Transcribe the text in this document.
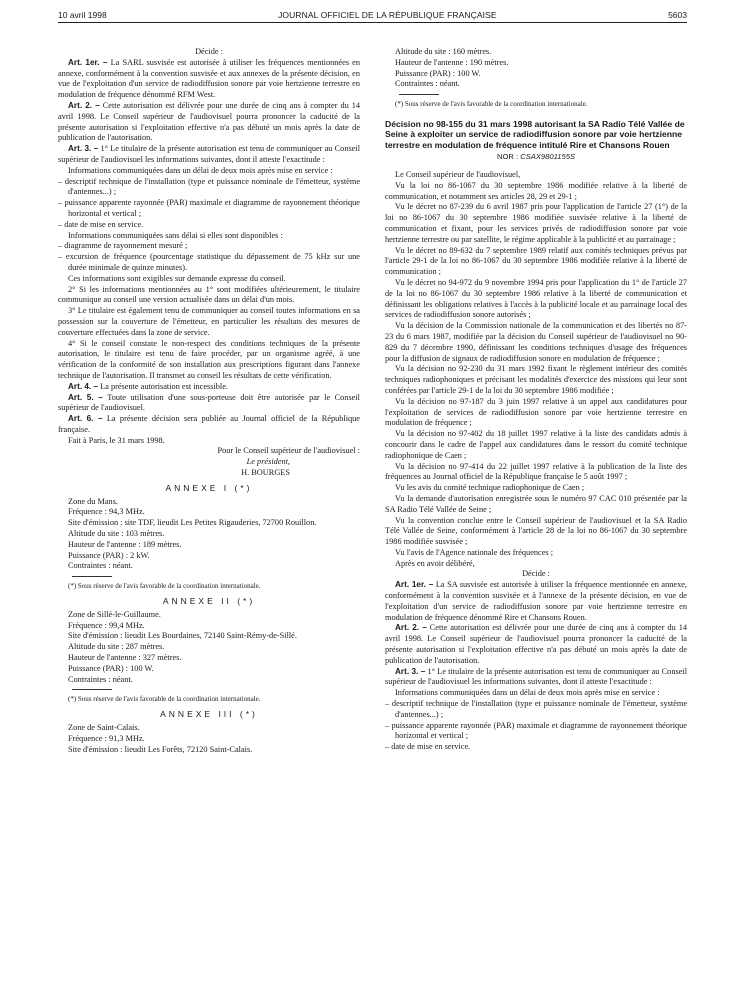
10 avril 1998	JOURNAL OFFICIEL DE LA RÉPUBLIQUE FRANÇAISE	5603

Décide :

Art. 1er. – La SARL susvisée est autorisée à utiliser les fréquences mentionnées en annexe, conformément à la convention susvisée et aux annexes de la présente décision, en vue de l'exploitation d'un service de radiodiffusion sonore par voie hertzienne terrestre en modulation de fréquence dénommé RFM West.

Art. 2. – Cette autorisation est délivrée pour une durée de cinq ans à compter du 14 avril 1998. Le Conseil supérieur de l'audiovisuel pourra prononcer la caducité de la présente autorisation si l'exploitation effective n'a pas débuté un mois après la date de publication de l'autorisation.

Art. 3. – 1° Le titulaire de la présente autorisation est tenu de communiquer au Conseil supérieur de l'audiovisuel les informations suivantes, dont il atteste l'exactitude :

Informations communiquées dans un délai de deux mois après mise en service :

– descriptif technique de l'installation (type et puissance nominale de l'émetteur, système d'antennes...) ;

– puissance apparente rayonnée (PAR) maximale et diagramme de rayonnement théorique horizontal et vertical ;

– date de mise en service.

Informations communiquées sans délai si elles sont disponibles :

– diagramme de rayonnement mesuré ;

– excursion de fréquence (pourcentage statistique du dépassement de 75 kHz sur une durée minimale de quinze minutes).

Ces informations sont exigibles sur demande expresse du conseil.

2° Si les informations mentionnées au 1° sont modifiées ultérieurement, le titulaire communique au conseil une version actualisée dans un délai d'un mois.

3° Le titulaire est également tenu de communiquer au conseil toutes informations en sa possession sur la couverture de l'émetteur, en particulier les résultats des mesures de couverture effectuées dans la zone de service.

4° Si le conseil constate le non-respect des conditions techniques de la présente autorisation, le titulaire est tenu de faire procéder, par un organisme agréé, à une vérification de la conformité de son installation aux prescriptions figurant dans l'annexe technique de l'autorisation. Il transmet au conseil les résultats de cette vérification.

Art. 4. – La présente autorisation est incessible.

Art. 5. – Toute utilisation d'une sous-porteuse doit être autorisée par le Conseil supérieur de l'audiovisuel.

Art. 6. – La présente décision sera publiée au Journal officiel de la République française.

Fait à Paris, le 31 mars 1998.

Pour le Conseil supérieur de l'audiovisuel :

Le président,

H. BOURGES

ANNEXE I (*)

Zone du Mans.

Fréquence : 94,3 MHz.

Site d'émission : site TDF, lieudit Les Petites Rigauderies, 72700 Rouillon.

Altitude du site : 103 mètres.

Hauteur de l'antenne : 189 mètres.

Puissance (PAR) : 2 kW.

Contraintes : néant.

(*) Sous réserve de l'avis favorable de la coordination internationale.

ANNEXE II (*)

Zone de Sillé-le-Guillaume.

Fréquence : 99,4 MHz.

Site d'émission : lieudit Les Bourdaines, 72140 Saint-Rémy-de-Sillé.

Altitude du site : 287 mètres.

Hauteur de l'antenne : 327 mètres.

Puissance (PAR) : 100 W.

Contraintes : néant.

(*) Sous réserve de l'avis favorable de la coordination internationale.

ANNEXE III (*)

Zone de Saint-Calais.

Fréquence : 91,3 MHz.

Site d'émission : lieudit Les Forêts, 72120 Saint-Calais.

Altitude du site : 160 mètres.

Hauteur de l'antenne : 190 mètres.

Puissance (PAR) : 100 W.

Contraintes : néant.

(*) Sous réserve de l'avis favorable de la coordination internationale.

Décision no 98-155 du 31 mars 1998 autorisant la SA Radio Télé Vallée de Seine à exploiter un service de radiodiffusion sonore par voie hertzienne terrestre en modulation de fréquence intitulé Rire et Chansons Rouen

NOR : CSAX9801155S

Le Conseil supérieur de l'audiovisuel,

Vu la loi no 86-1067 du 30 septembre 1986 modifiée relative à la liberté de communication, et notamment ses articles 28, 29 et 29-1 ;

Vu le décret no 87-239 du 6 avril 1987 pris pour l'application de l'article 27 (1°) de la loi no 86-1067 du 30 septembre 1986 modifiée susvisée relative à la liberté de communication et fixant, pour les services privés de radiodiffusion sonore par voie hertzienne terrestre ou par satellite, le régime applicable à la publicité et au parrainage ;

Vu le décret no 89-632 du 7 septembre 1989 relatif aux comités techniques prévus par l'article 29-1 de la loi no 86-1067 du 30 septembre 1986 modifiée relative à la liberté de communication ;

Vu le décret no 94-972 du 9 novembre 1994 pris pour l'application du 1° de l'article 27 de la loi no 86-1067 du 30 septembre 1986 relative à la liberté de communication et définissant les obligations relatives à l'accès à la publicité locale et au parrainage local des services de radiodiffusion sonore autorisés ;

Vu la décision de la Commission nationale de la communication et des libertés no 87-23 du 6 mars 1987, modifiée par la décision du Conseil supérieur de l'audiovisuel no 90-829 du 7 décembre 1990, définissant les conditions techniques d'usage des fréquences pour la diffusion de signaux de radiodiffusion sonore en modulation de fréquence ;

Vu la décision no 92-230 du 31 mars 1992 fixant le règlement intérieur des comités techniques radiophoniques et précisant les modalités d'exercice des missions qui leur sont conférées par l'article 29-1 de la loi du 30 septembre 1986 modifiée ;

Vu la décision no 97-187 du 3 juin 1997 relative à un appel aux candidatures pour l'exploitation de services de radiodiffusion sonore par voie hertzienne terrestre en modulation de fréquence ;

Vu la décision no 97-402 du 18 juillet 1997 relative à la liste des candidats admis à concourir dans le cadre de l'appel aux candidatures dans le ressort du comité technique radiophonique de Caen ;

Vu la décision no 97-414 du 22 juillet 1997 relative à la publication de la liste des fréquences au Journal officiel de la République française le 5 août 1997 ;

Vu les avis du comité technique radiophonique de Caen ;

Vu la demande d'autorisation enregistrée sous le numéro 97 CAC 010 présentée par la SA Radio Télé Vallée de Seine ;

Vu la convention conclue entre le Conseil supérieur de l'audiovisuel et la SA Radio Télé Vallée de Seine, conformément à l'article 28 de la loi no 86-1067 du 30 septembre 1986 modifiée susvisée ;

Vu l'avis de l'Agence nationale des fréquences ;

Après en avoir délibéré,

Décide :

Art. 1er. – La SA susvisée est autorisée à utiliser la fréquence mentionnée en annexe, conformément à la convention susvisée et à l'annexe de la présente décision, en vue de l'exploitation d'un service de radiodiffusion sonore par voie hertzienne terrestre en modulation de fréquence dénommé Rire et Chansons Rouen.

Art. 2. – Cette autorisation est délivrée pour une durée de cinq ans à compter du 14 avril 1998. Le Conseil supérieur de l'audiovisuel pourra prononcer la caducité de la présente autorisation si l'exploitation effective n'a pas débuté un mois après la date de publication de l'autorisation.

Art. 3. – 1° Le titulaire de la présente autorisation est tenu de communiquer au Conseil supérieur de l'audiovisuel les informations suivantes, dont il atteste l'exactitude :

Informations communiquées dans un délai de deux mois après mise en service :

– descriptif technique de l'installation (type et puissance nominale de l'émetteur, système d'antennes...) ;

– puissance apparente rayonnée (PAR) maximale et diagramme de rayonnement théorique horizontal et vertical ;

– date de mise en service.
